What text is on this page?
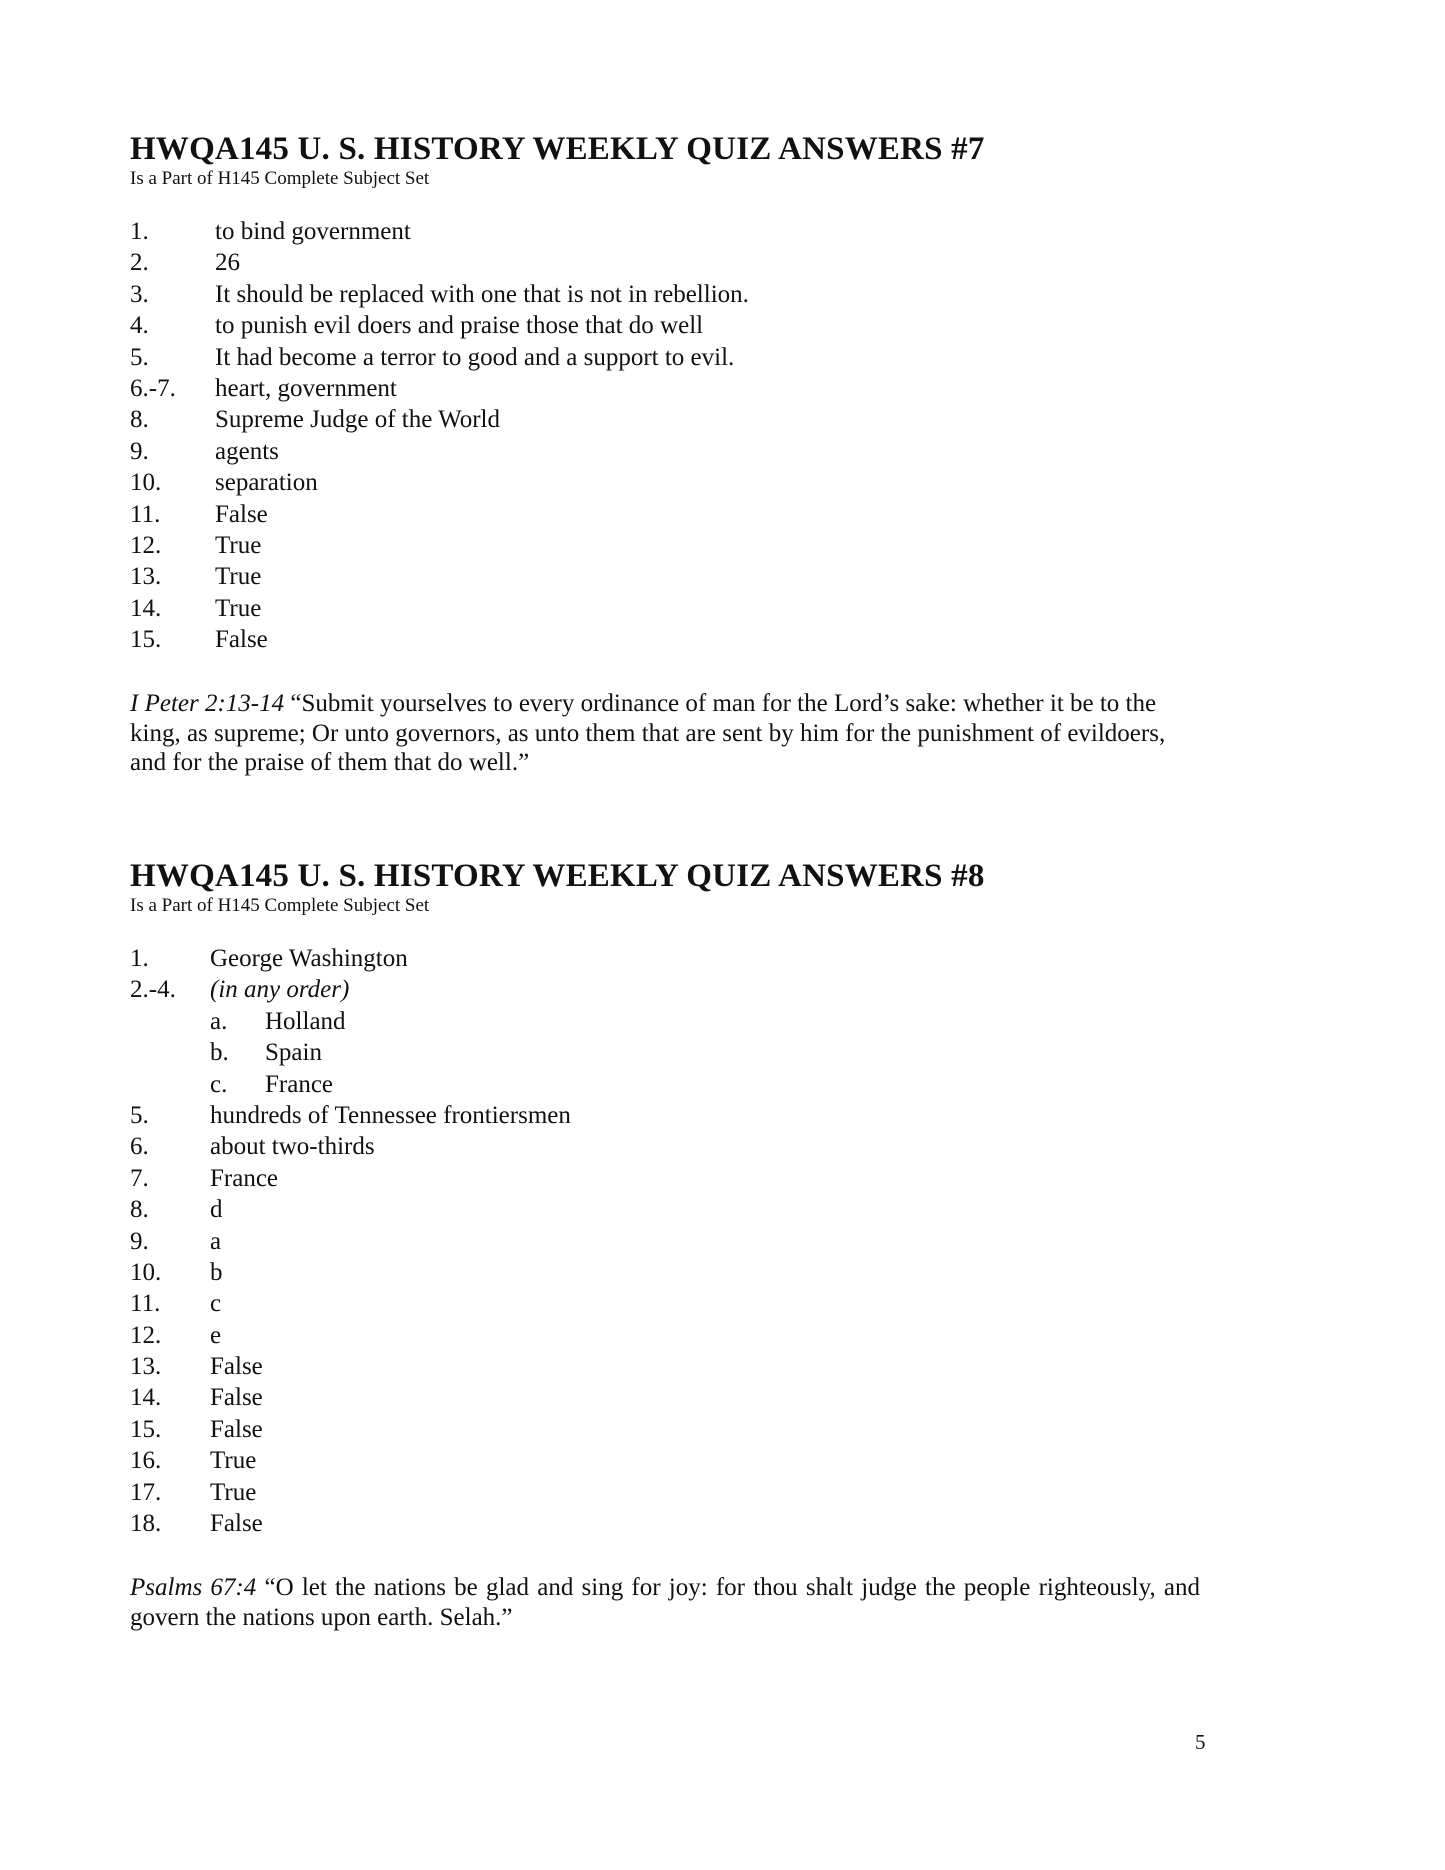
HWQA145 U. S. HISTORY WEEKLY QUIZ ANSWERS #7

Is a Part of H145 Complete Subject Set

1.	to bind government
2.	26
3.	It should be replaced with one that is not in rebellion.
4.	to punish evil doers and praise those that do well
5.	It had become a terror to good and a support to evil.
6.-7. heart, government
8.	Supreme Judge of the World
9.	agents
10. separation
11. False
12. True
13. True
14. True
15. False

I Peter 2:13-14 “Submit yourselves to every ordinance of man for the Lord’s sake: whether it be to the king, as supreme; Or unto governors, as unto them that are sent by him for the punishment of evildoers, and for the praise of them that do well.”

HWQA145 U. S. HISTORY WEEKLY QUIZ ANSWERS #8

Is a Part of H145 Complete Subject Set

1. George Washington
2.-4. (in any order)
a. Holland
b. Spain
c. France
5. hundreds of Tennessee frontiersmen
6. about two-thirds
7. France
8. d
9. a
10. b
11. c
12. e
13. False
14. False
15. False
16. True
17. True
18. False

Psalms 67:4 “O let the nations be glad and sing for joy: for thou shalt judge the people righteously, and govern the nations upon earth. Selah.”

5
